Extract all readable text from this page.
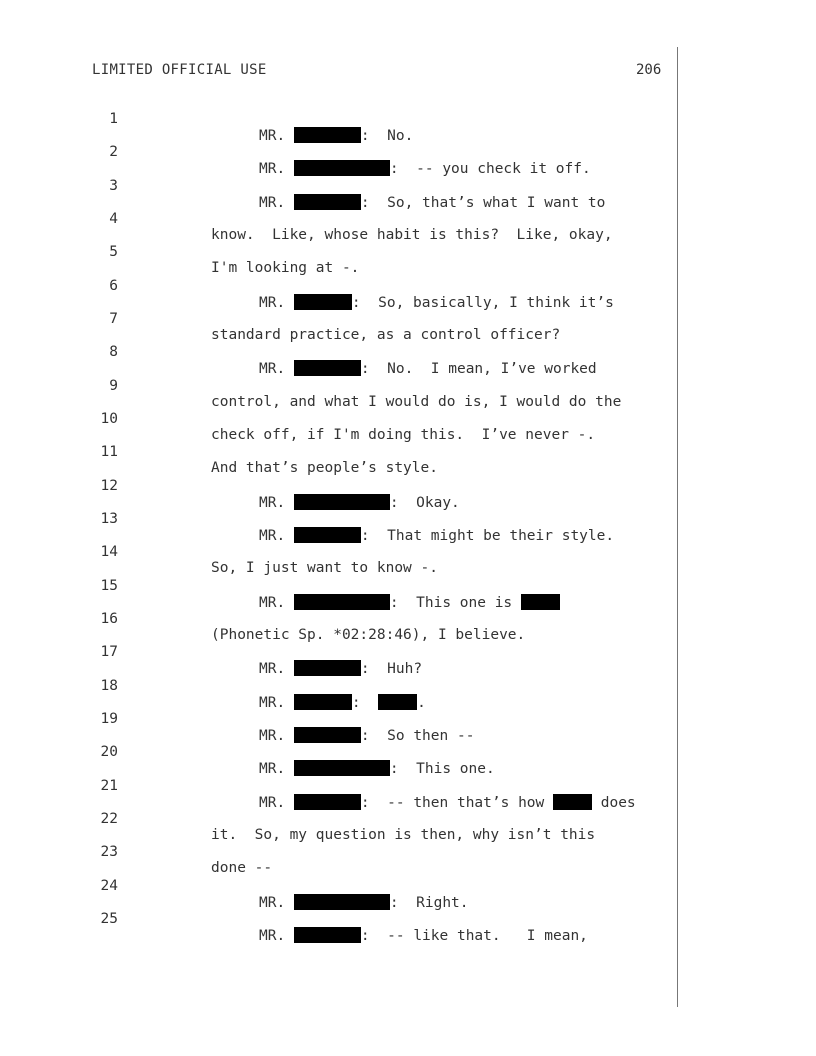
LIMITED OFFICIAL USE	206

1

MR.	:  No.

2

MR.	:  -- you check it off.

3

MR.	:  So, that’s what I want to

4

know.  Like, whose habit is this?  Like, okay,

5

I'm looking at -.

6

MR.	:  So, basically, I think it’s

7

standard practice, as a control officer?

8

MR.	:  No.  I mean, I’ve worked

9

control, and what I would do is, I would do the

10

check off, if I'm doing this.  I’ve never -.

11

And that’s people’s style.

12

MR.	:  Okay.

13

MR.	:  That might be their style.

14

So, I just want to know -.

15

MR.	:  This one is

16

(Phonetic Sp. *02:28:46), I believe.

17

MR.	:  Huh?

18

MR.	:	.

19

MR.	:  So then --

20

MR.	:  This one.

21

MR.	:  -- then that’s how	does

22

it.  So, my question is then, why isn’t this

23

done --

24

MR.	:  Right.

25

MR.	:  -- like that.   I mean,
